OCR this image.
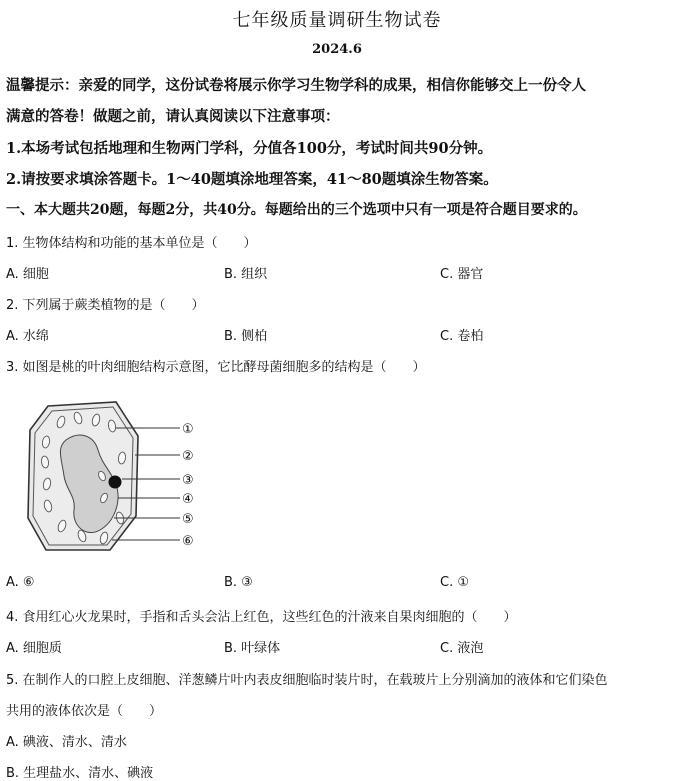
七年级质量调研生物试卷
2024.6
温馨提示：亲爱的同学，这份试卷将展示你学习生物学科的成果，相信你能够交上一份令人
满意的答卷！做题之前，请认真阅读以下注意事项：
1.本场考试包括地理和生物两门学科，分值各100分，考试时间共90分钟。
2.请按要求填涂答题卡。1～40题填涂地理答案，41～80题填涂生物答案。
一、本大题共20题，每题2分，共40分。每题给出的三个选项中只有一项是符合题目要求的。
1. 生物体结构和功能的基本单位是（　　）
A. 细胞	B. 组织	C. 器官
2. 下列属于蕨类植物的是（　　）
A. 水绵	B. 侧柏	C. 卷柏
3. 如图是桃的叶肉细胞结构示意图，它比酵母菌细胞多的结构是（　　）
①
②
③
④
⑤
⑥
A. ⑥	B. ③	C. ①
4. 食用红心火龙果时，手指和舌头会沾上红色，这些红色的汁液来自果肉细胞的（　　）
A. 细胞质	B. 叶绿体	C. 液泡
5. 在制作人的口腔上皮细胞、洋葱鳞片叶内表皮细胞临时装片时，在载玻片上分别滴加的液体和它们染色
共用的液体依次是（　　）
A. 碘液、清水、清水
B. 生理盐水、清水、碘液
